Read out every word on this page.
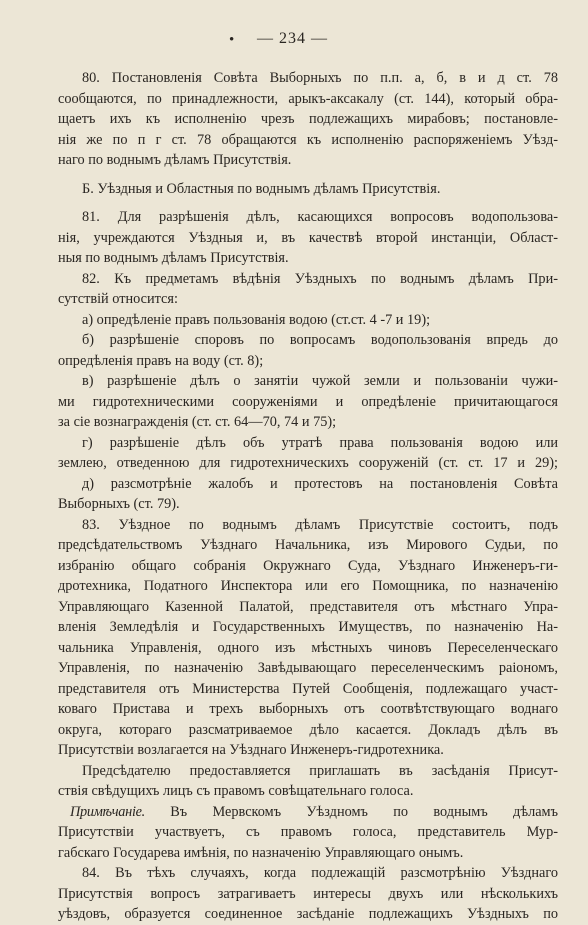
• — 234 —
80. Постановленія Совѣта Выборныхъ по п.п. а, б, в и д ст. 78
сообщаются, по принадлежности, арыкъ-аксакалу (ст. 144), который обра-
щаетъ ихъ къ исполненію чрезъ подлежащихъ мирабовъ; постановле-
нія же по п г ст. 78 обращаются къ исполненію распоряженіемъ Уѣзд-
наго по воднымъ дѣламъ Присутствія.
Б. Уѣздныя и Областныя по воднымъ дѣламъ Присутствія.
81. Для разрѣшенія дѣлъ, касающихся вопросовъ водопользова-
нія, учреждаются Уѣздныя и, въ качествѣ второй инстанціи, Област-
ныя по воднымъ дѣламъ Присутствія.
82. Къ предметамъ вѣдѣнія Уѣздныхъ по воднымъ дѣламъ При-
сутствій относится:
а) опредѣленіе правъ пользованія водою (ст.ст. 4 -7 и 19);
б) разрѣшеніе споровъ по вопросамъ водопользованія впредь до
опредѣленія правъ на воду (ст. 8);
в) разрѣшеніе дѣлъ о занятіи чужой земли и пользованіи чужи-
ми гидротехническими сооруженіями и опредѣленіе причитающагося
за сіе вознагражденія (ст. ст. 64—70, 74 и 75);
г) разрѣшеніе дѣлъ объ утратѣ права пользованія водою или
землею, отведенною для гидротехническихъ сооруженій (ст. ст. 17 и 29);
д) разсмотрѣніе жалобъ и протестовъ на постановленія Совѣта
Выборныхъ (ст. 79).
83. Уѣздное по воднымъ дѣламъ Присутствіе состоитъ, подъ
предсѣдательствомъ Уѣзднаго Начальника, изъ Мирового Судьи, по
избранію общаго собранія Окружнаго Суда, Уѣзднаго Инженеръ-ги-
дротехника, Податного Инспектора или его Помощника, по назначенію
Управляющаго Казенной Палатой, представителя отъ мѣстнаго Упра-
вленія Земледѣлія и Государственныхъ Имуществъ, по назначенію На-
чальника Управленія, одного изъ мѣстныхъ чиновъ Переселенческаго
Управленія, по назначенію Завѣдывающаго переселенческимъ раіономъ,
представителя отъ Министерства Путей Сообщенія, подлежащаго участ-
коваго Пристава и трехъ выборныхъ отъ соотвѣтствующаго воднаго
округа, котораго разсматриваемое дѣло касается. Докладъ дѣлъ въ
Присутствіи возлагается на Уѣзднаго Инженеръ-гидротехника.
Предсѣдателю предоставляется приглашать въ засѣданія Присут-
ствія свѣдущихъ лицъ съ правомъ совѣщательнаго голоса.
Примѣчаніе. Въ Мервскомъ Уѣздномъ по воднымъ дѣламъ
Присутствіи участвуетъ, съ правомъ голоса, представитель Мур-
габскаго Государева имѣнія, по назначенію Управляющаго онымъ.
84. Въ тѣхъ случаяхъ, когда подлежащій разсмотрѣнію Уѣзднаго
Присутствія вопросъ затрагиваетъ интересы двухъ или нѣсколькихъ
уѣздовъ, образуется соединенное засѣданіе подлежащихъ Уѣздныхъ по
